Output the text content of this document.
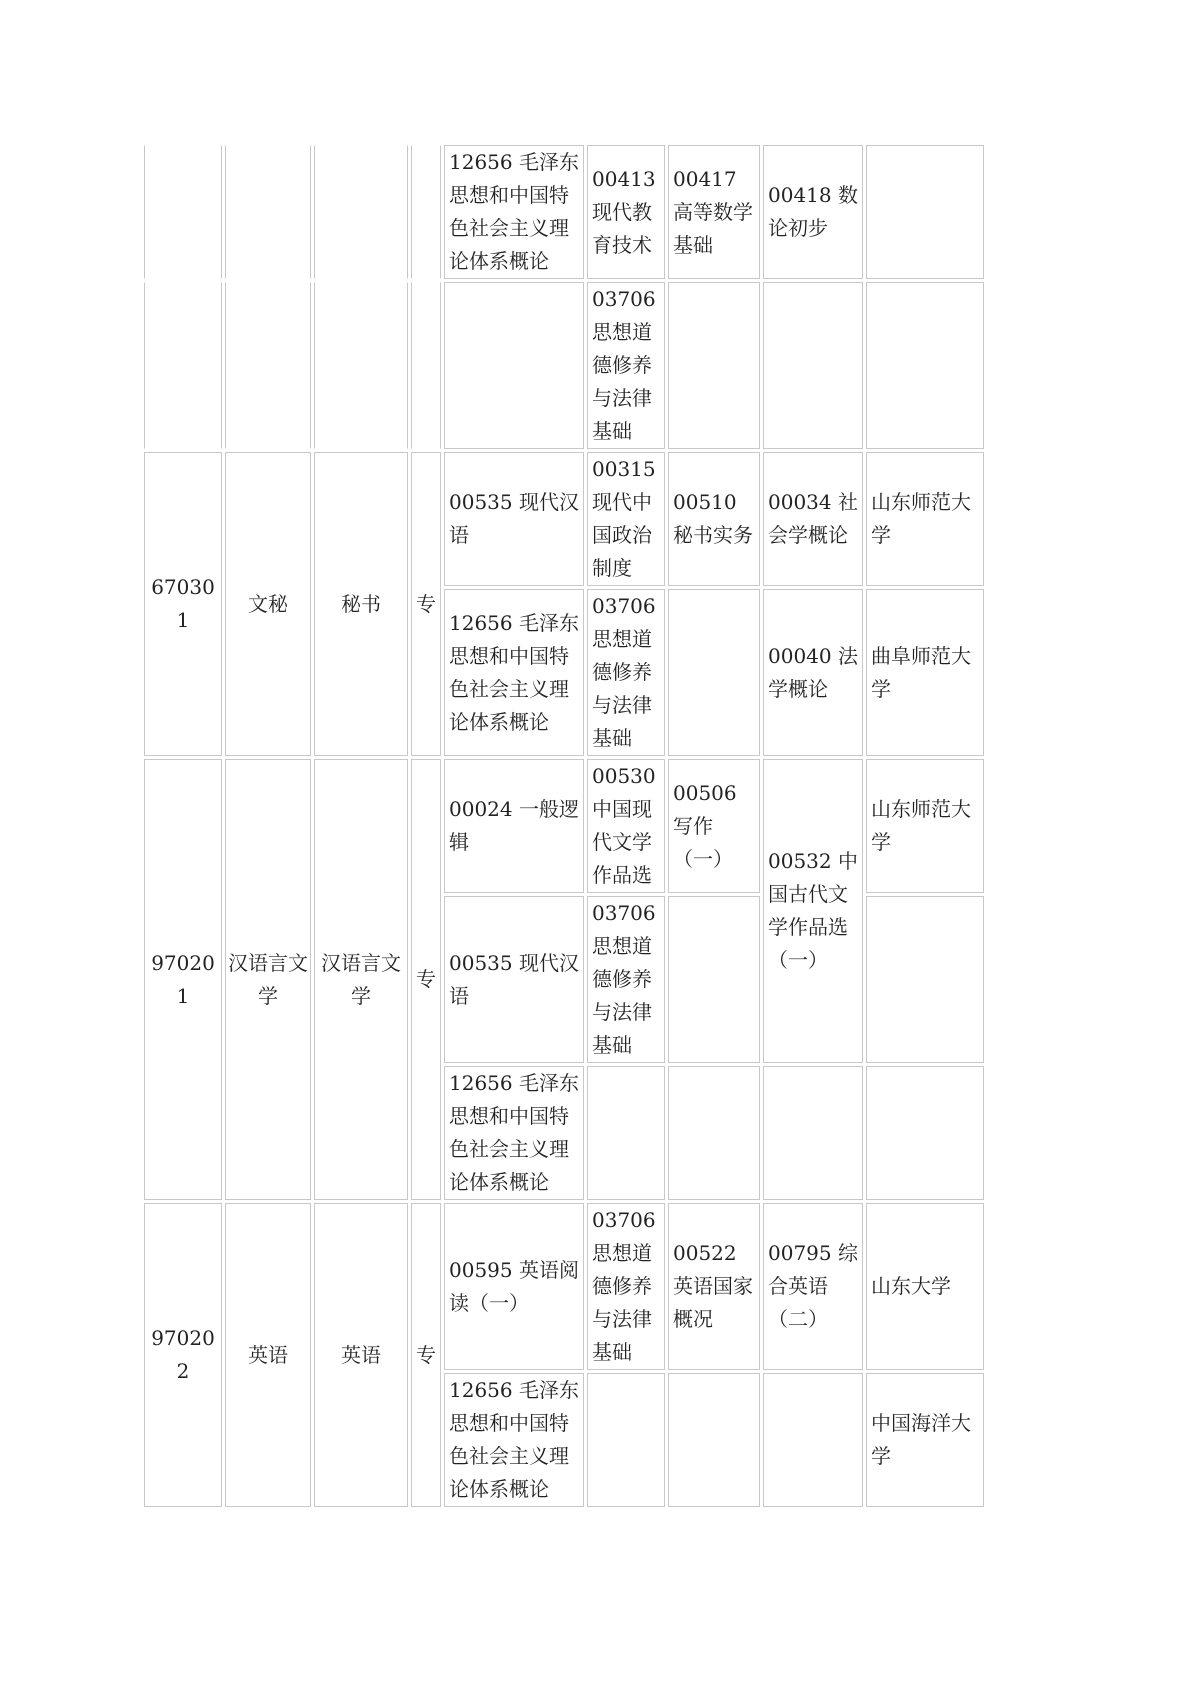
				12656 毛泽东思想和中国特色社会主义理论体系概论	00413 现代教育技术	00417 高等数学基础	00418 数论初步	
					03706 思想道德修养与法律基础			
670301	文秘	秘书	专	00535 现代汉语	00315 现代中国政治制度	00510 秘书实务	00034 社会学概论	山东师范大学
				12656 毛泽东思想和中国特色社会主义理论体系概论	03706 思想道德修养与法律基础		00040 法学概论	曲阜师范大学
970201	汉语言文学	汉语言文学	专	00024 一般逻辑	00530 中国现代文学作品选	00506 写作（一）	00532 中国古代文学作品选（一）	山东师范大学
				00535 现代汉语	03706 思想道德修养与法律基础			
				12656 毛泽东思想和中国特色社会主义理论体系概论				
970202	英语	英语	专	00595 英语阅读（一）	03706 思想道德修养与法律基础	00522 英语国家概况	00795 综合英语（二）	山东大学
				12656 毛泽东思想和中国特色社会主义理论体系概论				中国海洋大学
